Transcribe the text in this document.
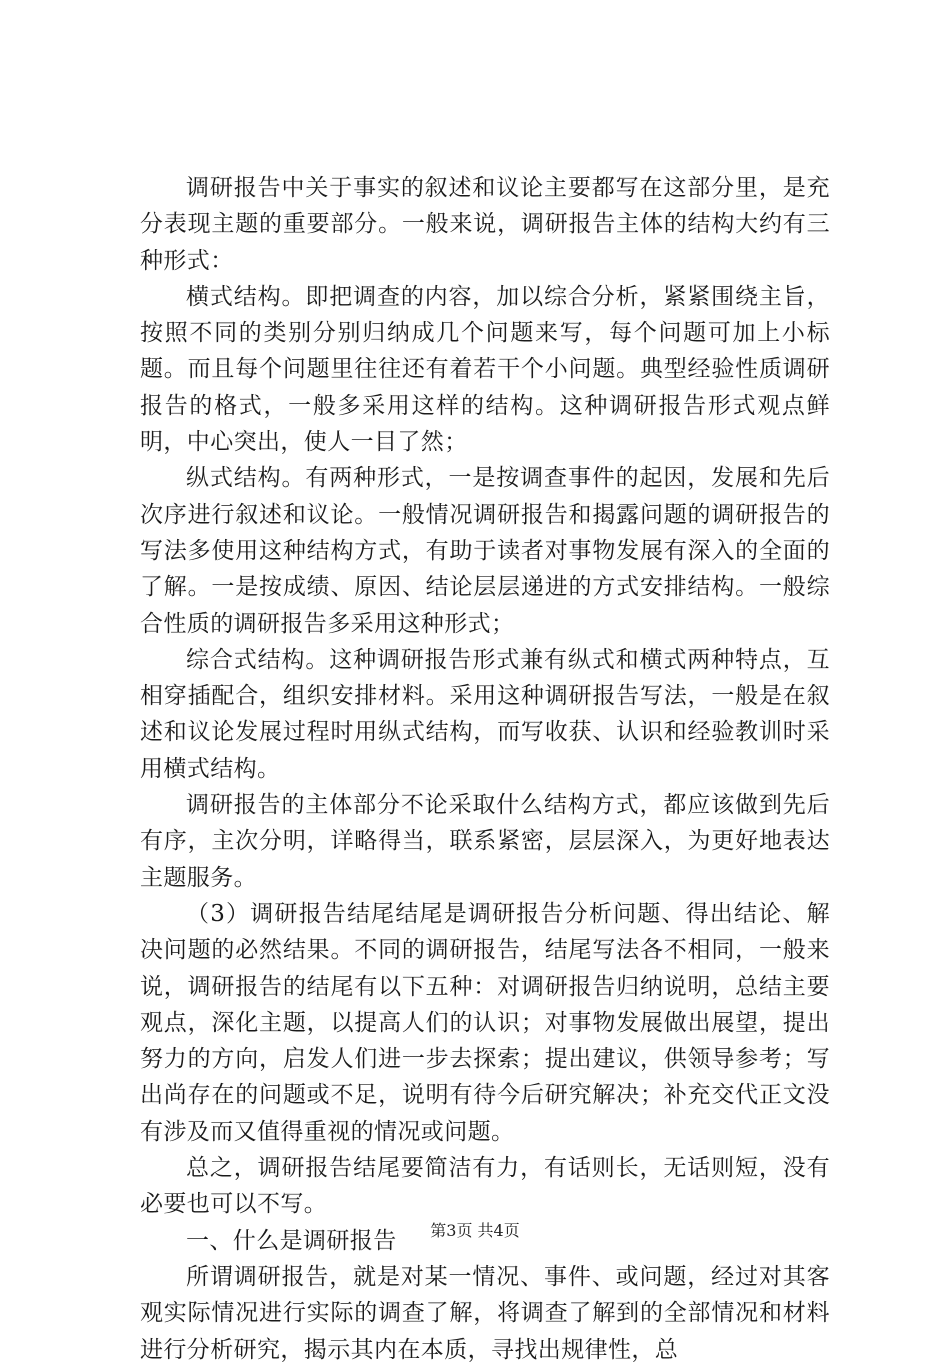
调研报告中关于事实的叙述和议论主要都写在这部分里，是充分表现主题的重要部分。一般来说，调研报告主体的结构大约有三种形式：

横式结构。即把调查的内容，加以综合分析，紧紧围绕主旨，按照不同的类别分别归纳成几个问题来写，每个问题可加上小标题。而且每个问题里往往还有着若干个小问题。典型经验性质调研报告的格式，一般多采用这样的结构。这种调研报告形式观点鲜明，中心突出，使人一目了然；

纵式结构。有两种形式，一是按调查事件的起因，发展和先后次序进行叙述和议论。一般情况调研报告和揭露问题的调研报告的写法多使用这种结构方式，有助于读者对事物发展有深入的全面的了解。一是按成绩、原因、结论层层递进的方式安排结构。一般综合性质的调研报告多采用这种形式；

综合式结构。这种调研报告形式兼有纵式和横式两种特点，互相穿插配合，组织安排材料。采用这种调研报告写法，一般是在叙述和议论发展过程时用纵式结构，而写收获、认识和经验教训时采用横式结构。

调研报告的主体部分不论采取什么结构方式，都应该做到先后有序，主次分明，详略得当，联系紧密，层层深入，为更好地表达主题服务。

（3）调研报告结尾结尾是调研报告分析问题、得出结论、解决问题的必然结果。不同的调研报告，结尾写法各不相同，一般来说，调研报告的结尾有以下五种：对调研报告归纳说明，总结主要观点，深化主题，以提高人们的认识；对事物发展做出展望，提出努力的方向，启发人们进一步去探索；提出建议，供领导参考；写出尚存在的问题或不足，说明有待今后研究解决；补充交代正文没有涉及而又值得重视的情况或问题。

总之，调研报告结尾要简洁有力，有话则长，无话则短，没有必要也可以不写。

一、什么是调研报告

所谓调研报告，就是对某一情况、事件、或问题，经过对其客观实际情况进行实际的调查了解，将调查了解到的全部情况和材料进行分析研究，揭示其内在本质，寻找出规律性，总

第3页 共4页
